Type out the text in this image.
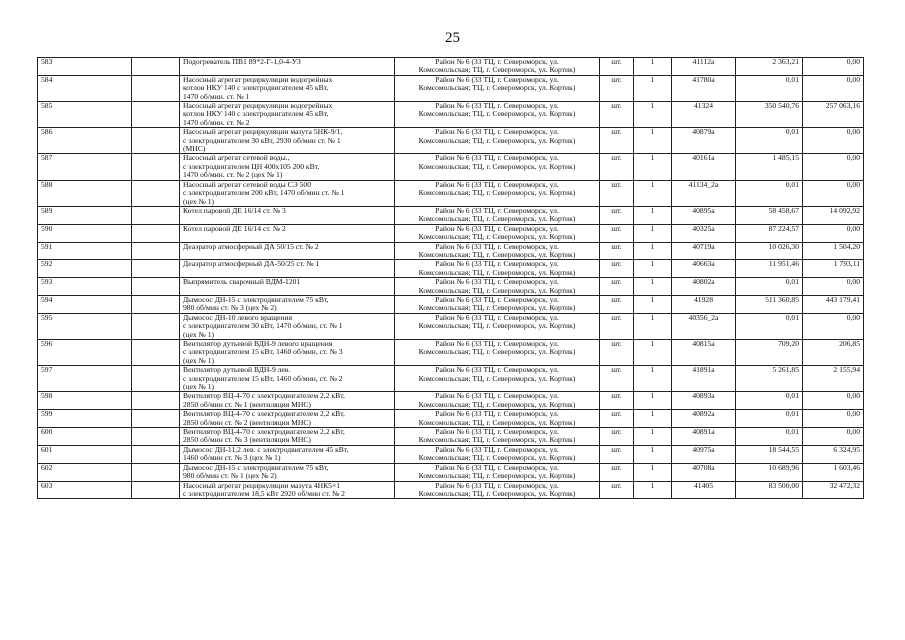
25
583		Подогреватель ПВ1 89*2-Г-1,0-4-УЗ	Район № 6 (33 ТЦ, г. Североморск, ул.
Комсомольская; ТЦ, г. Североморск, ул. Кортик)	шт.	1	41112а	2 363,21	0,00
584		Насосный агрегат рециркуляции водогрейных
котлов НКУ 140 с электродвигателем 45 кВт,
1470 об/мин. ст. № 1	Район № 6 (33 ТЦ, г. Североморск, ул.
Комсомольская; ТЦ, г. Североморск, ул. Кортик)	шт.	1	41780а	0,01	0,00
585		Насосный агрегат рециркуляции водогрейных
котлов НКУ 140 с электродвигателем 45 кВт,
1470 об/мин. ст. № 2	Район № 6 (33 ТЦ, г. Североморск, ул.
Комсомольская; ТЦ, г. Североморск, ул. Кортик)	шт.	1	41324	350 540,76	257 063,16
586		Насосный агрегат рециркуляции мазута 5НК-9/1,
с электродвигателем 30 кВт, 2930 об/мин ст. № 1
(МНС)	Район № 6 (33 ТЦ, г. Североморск, ул.
Комсомольская; ТЦ, г. Североморск, ул. Кортик)	шт.	1	40879а	0,01	0,00
587		Насосный агрегат сетевой воды.,
с электродвигателем ЦН 400х105 200 кВт,
1470 об/мин. ст. № 2 (цех № 1)	Район № 6 (33 ТЦ, г. Североморск, ул.
Комсомольская; ТЦ, г. Североморск, ул. Кортик)	шт.	1	40161а	1 485,15	0,00
588		Насосный агрегат сетевой воды СЭ 500
с электродвигателем 200 кВт, 1470 об/мин ст. № 1
(цех № 1)	Район № 6 (33 ТЦ, г. Североморск, ул.
Комсомольская; ТЦ, г. Североморск, ул. Кортик)	шт.	1	41134_2а	0,01	0,00
589		Котел паровой ДЕ 16/14 ст. № 3	Район № 6 (33 ТЦ, г. Североморск, ул.
Комсомольская; ТЦ, г. Североморск, ул. Кортик)	шт.	1	40895а	58 458,67	14 092,92
590		Котел паровой ДЕ 16/14 ст. № 2	Район № 6 (33 ТЦ, г. Североморск, ул.
Комсомольская; ТЦ, г. Североморск, ул. Кортик)	шт.	1	40325а	87 224,57	0,00
591		Деаэратор атмосферный ДА 50/15 ст. № 2	Район № 6 (33 ТЦ, г. Североморск, ул.
Комсомольская; ТЦ, г. Североморск, ул. Кортик)	шт.	1	40719а	10 026,30	1 504,20
592		Деаэратор атмосферный ДА-50/25 ст. № 1	Район № 6 (33 ТЦ, г. Североморск, ул.
Комсомольская; ТЦ, г. Североморск, ул. Кортик)	шт.	1	40663а	11 951,46	1 793,11
593		Выпрямитель сварочный ВДМ-1201	Район № 6 (33 ТЦ, г. Североморск, ул.
Комсомольская; ТЦ, г. Североморск, ул. Кортик)	шт.	1	40802а	0,01	0,00
594		Дымосос ДН-15 с электродвигателем 75 кВт,
980 об/мин ст. № 3 (цех № 2)	Район № 6 (33 ТЦ, г. Североморск, ул.
Комсомольская; ТЦ, г. Североморск, ул. Кортик)	шт.	1	41928	511 360,85	443 179,41
595		Дымосос ДН-10 левого вращения
с электродвигателем 30 кВт, 1470 об/мин, ст. № 1
(цех № 1)	Район № 6 (33 ТЦ, г. Североморск, ул.
Комсомольская; ТЦ, г. Североморск, ул. Кортик)	шт.	1	40356_2а	0,01	0,00
596		Вентилятор дутьевой ВДН-9 левого вращения
с электродвигателем 15 кВт, 1460 об/мин, ст. № 3
(цех № 1)	Район № 6 (33 ТЦ, г. Североморск, ул.
Комсомольская; ТЦ, г. Североморск, ул. Кортик)	шт.	1	40815а	709,20	206,85
597		Вентилятор дутьевой ВДН-9 лев.
с электродвигателем 15 кВт, 1460 об/мин, ст. № 2
(цех № 1)	Район № 6 (33 ТЦ, г. Североморск, ул.
Комсомольская; ТЦ, г. Североморск, ул. Кортик)	шт.	1	41891а	5 261,85	2 155,94
598		Вентилятор ВЦ-4-70 с электродвигателем 2,2 кВт,
2850 об/мин ст. № 1 (вентиляция МНС)	Район № 6 (33 ТЦ, г. Североморск, ул.
Комсомольская; ТЦ, г. Североморск, ул. Кортик)	шт.	1	40893а	0,01	0,00
599		Вентилятор ВЦ-4-70 с электродвигателем 2,2 кВт,
2850 об/мин ст. № 2 (вентиляция МНС)	Район № 6 (33 ТЦ, г. Североморск, ул.
Комсомольская; ТЦ, г. Североморск, ул. Кортик)	шт.	1	40892а	0,01	0,00
600		Вентилятор ВЦ-4-70 с электродвигателем 2,2 кВт,
2850 об/мин ст. № 3 (вентиляция МНС)	Район № 6 (33 ТЦ, г. Североморск, ул.
Комсомольская; ТЦ, г. Североморск, ул. Кортик)	шт.	1	40891а	0,01	0,00
601		Дымосос ДН-11,2 лев. с электродвигателем 45 кВт,
1460 об/мин ст. № 3 (цех № 1)	Район № 6 (33 ТЦ, г. Североморск, ул.
Комсомольская; ТЦ, г. Североморск, ул. Кортик)	шт.	1	40975а	18 544,55	6 324,95
602		Дымосос ДН-15 с электродвигателем 75 кВт,
980 об/мин ст. № 1 (цех № 2)	Район № 6 (33 ТЦ, г. Североморск, ул.
Комсомольская; ТЦ, г. Североморск, ул. Кортик)	шт.	1	40708а	10 689,96	1 603,46
603		Насосный агрегат рециркуляции мазута 4НК5×1
с электродвигателем 18,5 кВт 2920 об/мин ст. № 2	Район № 6 (33 ТЦ, г. Североморск, ул.
Комсомольская; ТЦ, г. Североморск, ул. Кортик)	шт.	1	41405	83 500,00	32 472,32
